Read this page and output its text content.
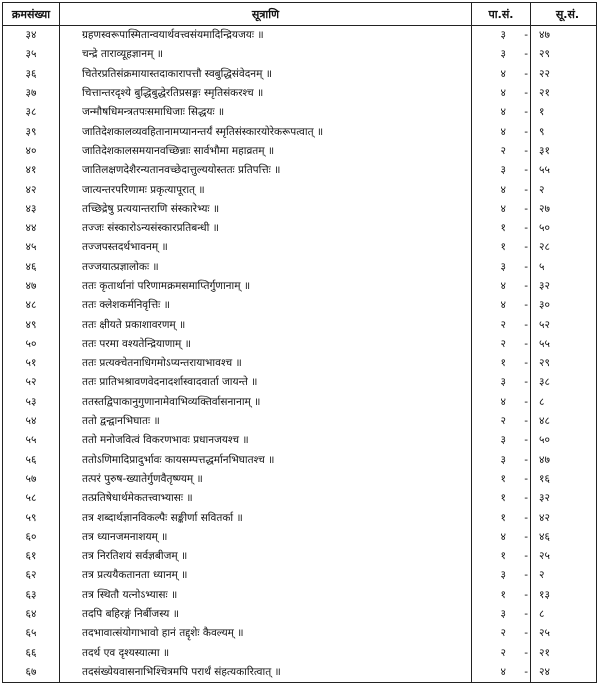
क्रमसंख्या	सूत्राणि	पा.सं.	सू.सं.
३४	ग्रहणस्वरूपास्मितान्वयार्थवत्त्वसंयमादिन्द्रियजयः ॥	३ -	४७
३५	चन्द्रे ताराव्यूहज्ञानम् ॥	३ -	२९
३६	चितेरप्रतिसंक्रमायास्तदाकारापत्तौ स्वबुद्धिसंवेदनम् ॥	४ -	२२
३७	चित्तान्तरदृश्ये बुद्धिबुद्धेरतिप्रसङ्गः स्मृतिसंकरश्च ॥	४ -	२१
३८	जन्मौषधिमन्त्रतपःसमाधिजाः सिद्धयः ॥	४ -	१
३९	जातिदेशकालव्यवहितानामप्यानन्तर्यं स्मृतिसंस्कारयोरेकरूपत्वात् ॥	४ -	९
४०	जातिदेशकालसमयानवच्छिन्नाः सार्वभौमा महाव्रतम् ॥	२ -	३१
४१	जातिलक्षणदेशैरन्यतानवच्छेदात्तुल्ययोस्ततः प्रतिपत्तिः ॥	३ -	५५
४२	जात्यन्तरपरिणामः प्रकृत्यापूरात् ॥	४ -	२
४३	तच्छिद्रेषु प्रत्ययान्तराणि संस्कारेभ्यः ॥	४ -	२७
४४	तज्जः संस्कारोऽन्यसंस्कारप्रतिबन्धी ॥	१ -	५०
४५	तज्जपस्तदर्थभावनम् ॥	१ -	२८
४६	तज्जयात्प्रज्ञालोकः ॥	३ -	५
४७	ततः कृतार्थानां परिणामक्रमसमाप्तिर्गुणानाम् ॥	४ -	३२
४८	ततः क्लेशकर्मनिवृत्तिः ॥	४ -	३०
४९	ततः क्षीयते प्रकाशावरणम् ॥	२ -	५२
५०	ततः परमा वश्यतेन्द्रियाणाम् ॥	२ -	५५
५१	ततः प्रत्यक्चेतनाधिगमोऽप्यन्तरायाभावश्च ॥	१ -	२९
५२	ततः प्रातिभश्रावणवेदनादर्शास्वादवार्ता जायन्ते ॥	३ -	३८
५३	ततस्तद्विपाकानुगुणानामेवाभिव्यक्तिर्वासनानाम् ॥	४ -	८
५४	ततो द्वन्द्वानभिघातः ॥	२ -	४८
५५	ततो मनोजवित्वं विकरणभावः प्रधानजयश्च ॥	३ -	५०
५६	ततोऽणिमादिप्रादुर्भावः कायसम्पत्तद्धर्मानभिघातश्च ॥	३ -	४७
५७	तत्परं पुरुष-ख्यातेर्गुणवैतृष्ण्यम् ॥	१ -	१६
५८	तत्प्रतिषेधार्थमेकतत्त्वाभ्यासः ॥	१ -	३२
५९	तत्र शब्दार्थज्ञानविकल्पैः सङ्कीर्णा सवितर्का ॥	१ -	४२
६०	तत्र ध्यानजमनाशयम् ॥	४ -	४६
६१	तत्र निरतिशयं सर्वज्ञबीजम् ॥	१ -	२५
६२	तत्र प्रत्ययैकतानता ध्यानम् ॥	३ -	२
६३	तत्र स्थितौ यत्नोऽभ्यासः ॥	१ -	१३
६४	तदपि बहिरङ्गं निर्बीजस्य ॥	३ -	८
६५	तदभावात्संयोगाभावो हानं तद्दृशेः कैवल्यम् ॥	२ -	२५
६६	तदर्थ एव दृश्यस्यात्मा ॥	२ -	२१
६७	तदसंख्येयवासनाभिश्चित्रमपि परार्थं संहत्यकारित्वात् ॥	४ -	२४
